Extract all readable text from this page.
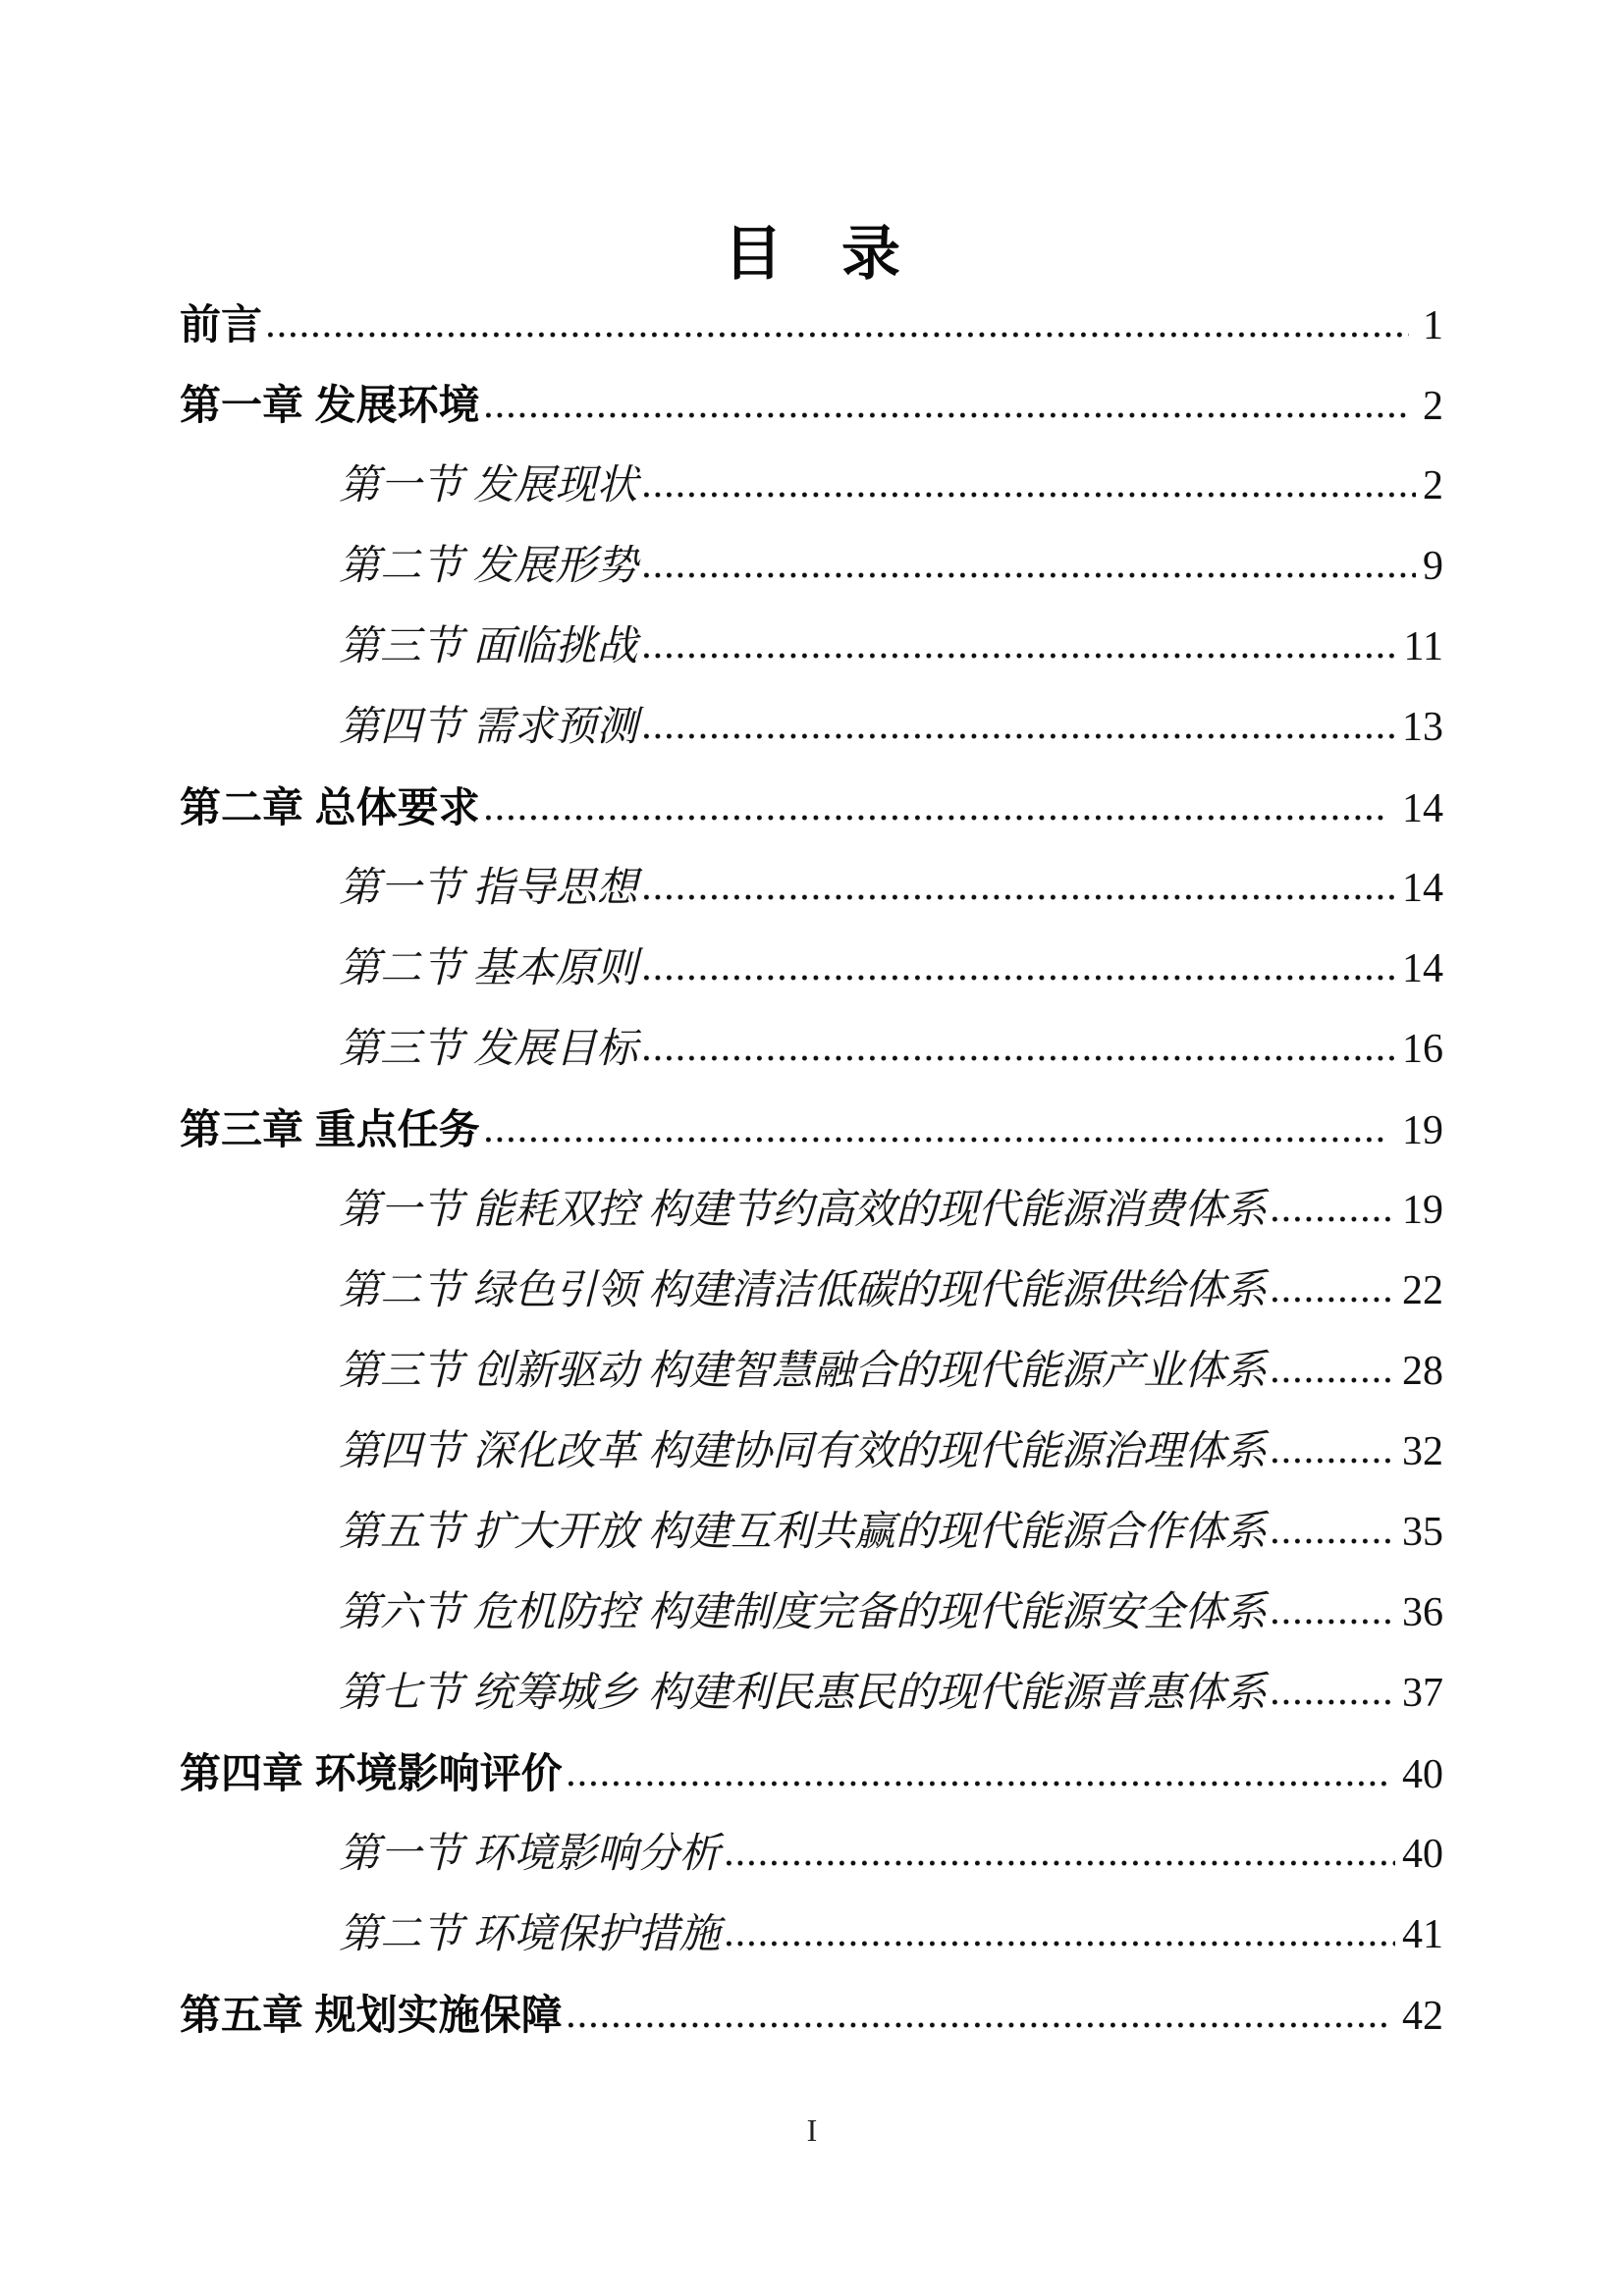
目　录
前言	1
第一章 发展环境	2
第一节 发展现状	2
第二节 发展形势	9
第三节 面临挑战	11
第四节 需求预测	13
第二章 总体要求	14
第一节 指导思想	14
第二节 基本原则	14
第三节 发展目标	16
第三章 重点任务	19
第一节 能耗双控 构建节约高效的现代能源消费体系	19
第二节 绿色引领 构建清洁低碳的现代能源供给体系	22
第三节 创新驱动 构建智慧融合的现代能源产业体系	28
第四节 深化改革 构建协同有效的现代能源治理体系	32
第五节 扩大开放 构建互利共赢的现代能源合作体系	35
第六节 危机防控 构建制度完备的现代能源安全体系	36
第七节 统筹城乡 构建利民惠民的现代能源普惠体系	37
第四章 环境影响评价	40
第一节 环境影响分析	40
第二节 环境保护措施	41
第五章 规划实施保障	42
I
